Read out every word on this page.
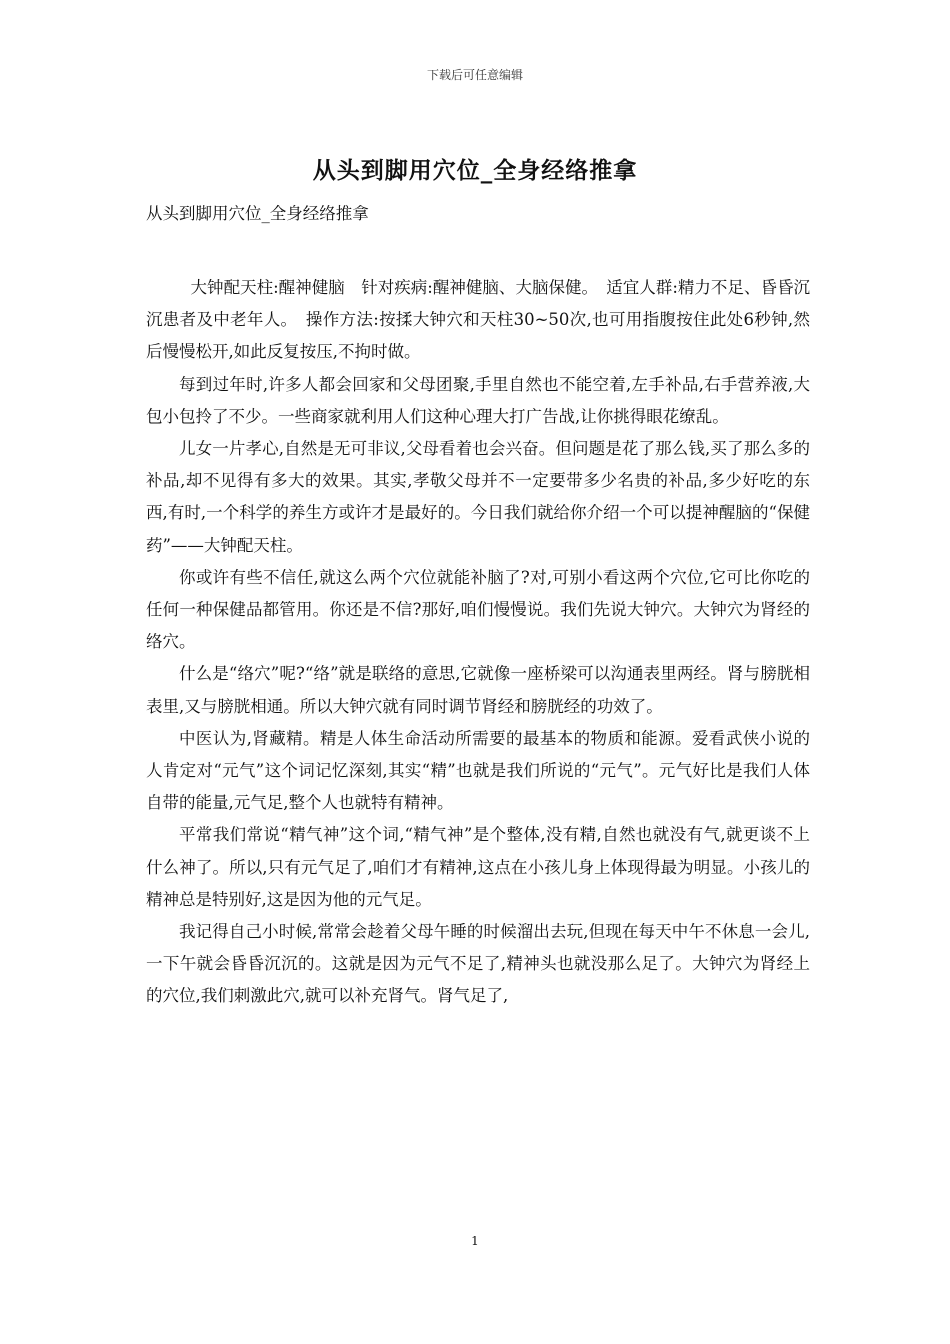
下载后可任意编辑
从头到脚用穴位_全身经络推拿
从头到脚用穴位_全身经络推拿

大钟配天柱:醒神健脑　针对疾病:醒神健脑、大脑保健。　适宜人群:精力不足、昏昏沉沉患者及中老年人。　操作方法:按揉大钟穴和天柱30~50次,也可用指腹按住此处6秒钟,然后慢慢松开,如此反复按压,不拘时做。

每到过年时,许多人都会回家和父母团聚,手里自然也不能空着,左手补品,右手营养液,大包小包拎了不少。一些商家就利用人们这种心理大打广告战,让你挑得眼花缭乱。

儿女一片孝心,自然是无可非议,父母看着也会兴奋。但问题是花了那么钱,买了那么多的补品,却不见得有多大的效果。其实,孝敬父母并不一定要带多少名贵的补品,多少好吃的东西,有时,一个科学的养生方或许才是最好的。今日我们就给你介绍一个可以提神醒脑的“保健药”——大钟配天柱。

你或许有些不信任,就这么两个穴位就能补脑了?对,可别小看这两个穴位,它可比你吃的任何一种保健品都管用。你还是不信?那好,咱们慢慢说。我们先说大钟穴。大钟穴为肾经的络穴。

什么是“络穴”呢?“络”就是联络的意思,它就像一座桥梁可以沟通表里两经。肾与膀胱相表里,又与膀胱相通。所以大钟穴就有同时调节肾经和膀胱经的功效了。

中医认为,肾藏精。精是人体生命活动所需要的最基本的物质和能源。爱看武侠小说的人肯定对“元气”这个词记忆深刻,其实“精”也就是我们所说的“元气”。元气好比是我们人体自带的能量,元气足,整个人也就特有精神。

平常我们常说“精气神”这个词,“精气神”是个整体,没有精,自然也就没有气,就更谈不上什么神了。所以,只有元气足了,咱们才有精神,这点在小孩儿身上体现得最为明显。小孩儿的精神总是特别好,这是因为他的元气足。

我记得自己小时候,常常会趁着父母午睡的时候溜出去玩,但现在每天中午不休息一会儿,一下午就会昏昏沉沉的。这就是因为元气不足了,精神头也就没那么足了。大钟穴为肾经上的穴位,我们刺激此穴,就可以补充肾气。肾气足了,

1
